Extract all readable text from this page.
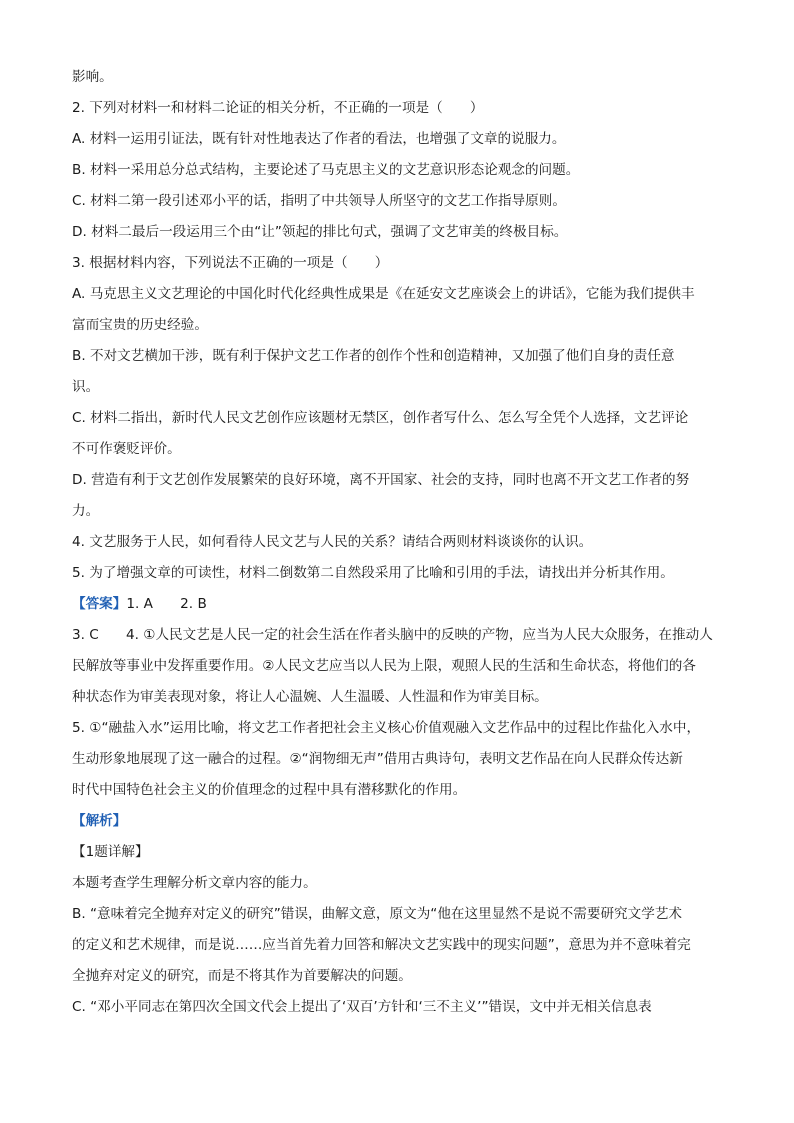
影响。
2. 下列对材料一和材料二论证的相关分析，不正确的一项是（　　）
A. 材料一运用引证法，既有针对性地表达了作者的看法，也增强了文章的说服力。
B. 材料一采用总分总式结构，主要论述了马克思主义的文艺意识形态论观念的问题。
C. 材料二第一段引述邓小平的话，指明了中共领导人所坚守的文艺工作指导原则。
D. 材料二最后一段运用三个由“让”领起的排比句式，强调了文艺审美的终极目标。
3. 根据材料内容，下列说法不正确的一项是（　　）
A. 马克思主义文艺理论的中国化时代化经典性成果是《在延安文艺座谈会上的讲话》，它能为我们提供丰
富而宝贵的历史经验。
B. 不对文艺横加干涉，既有利于保护文艺工作者的创作个性和创造精神，又加强了他们自身的责任意
识。
C. 材料二指出，新时代人民文艺创作应该题材无禁区，创作者写什么、怎么写全凭个人选择，文艺评论
不可作褒贬评价。
D. 营造有利于文艺创作发展繁荣的良好环境，离不开国家、社会的支持，同时也离不开文艺工作者的努
力。
4. 文艺服务于人民，如何看待人民文艺与人民的关系？请结合两则材料谈谈你的认识。
5. 为了增强文章的可读性，材料二倒数第二自然段采用了比喻和引用的手法，请找出并分析其作用。
【答案】1. A　　2. B
3. C　　4. ①人民文艺是人民一定的社会生活在作者头脑中的反映的产物，应当为人民大众服务，在推动人
民解放等事业中发挥重要作用。②人民文艺应当以人民为上限，观照人民的生活和生命状态，将他们的各
种状态作为审美表现对象，将让人心温婉、人生温暖、人性温和作为审美目标。
5. ①“融盐入水”运用比喻，将文艺工作者把社会主义核心价值观融入文艺作品中的过程比作盐化入水中，
生动形象地展现了这一融合的过程。②“润物细无声”借用古典诗句，表明文艺作品在向人民群众传达新
时代中国特色社会主义的价值理念的过程中具有潜移默化的作用。
【解析】
【1题详解】
本题考查学生理解分析文章内容的能力。
B. “意味着完全抛弃对定义的研究”错误，曲解文意，原文为“他在这里显然不是说不需要研究文学艺术
的定义和艺术规律，而是说……应当首先着力回答和解决文艺实践中的现实问题”，意思为并不意味着完
全抛弃对定义的研究，而是不将其作为首要解决的问题。
C. “邓小平同志在第四次全国文代会上提出了‘双百’方针和‘三不主义’”错误，文中并无相关信息表
